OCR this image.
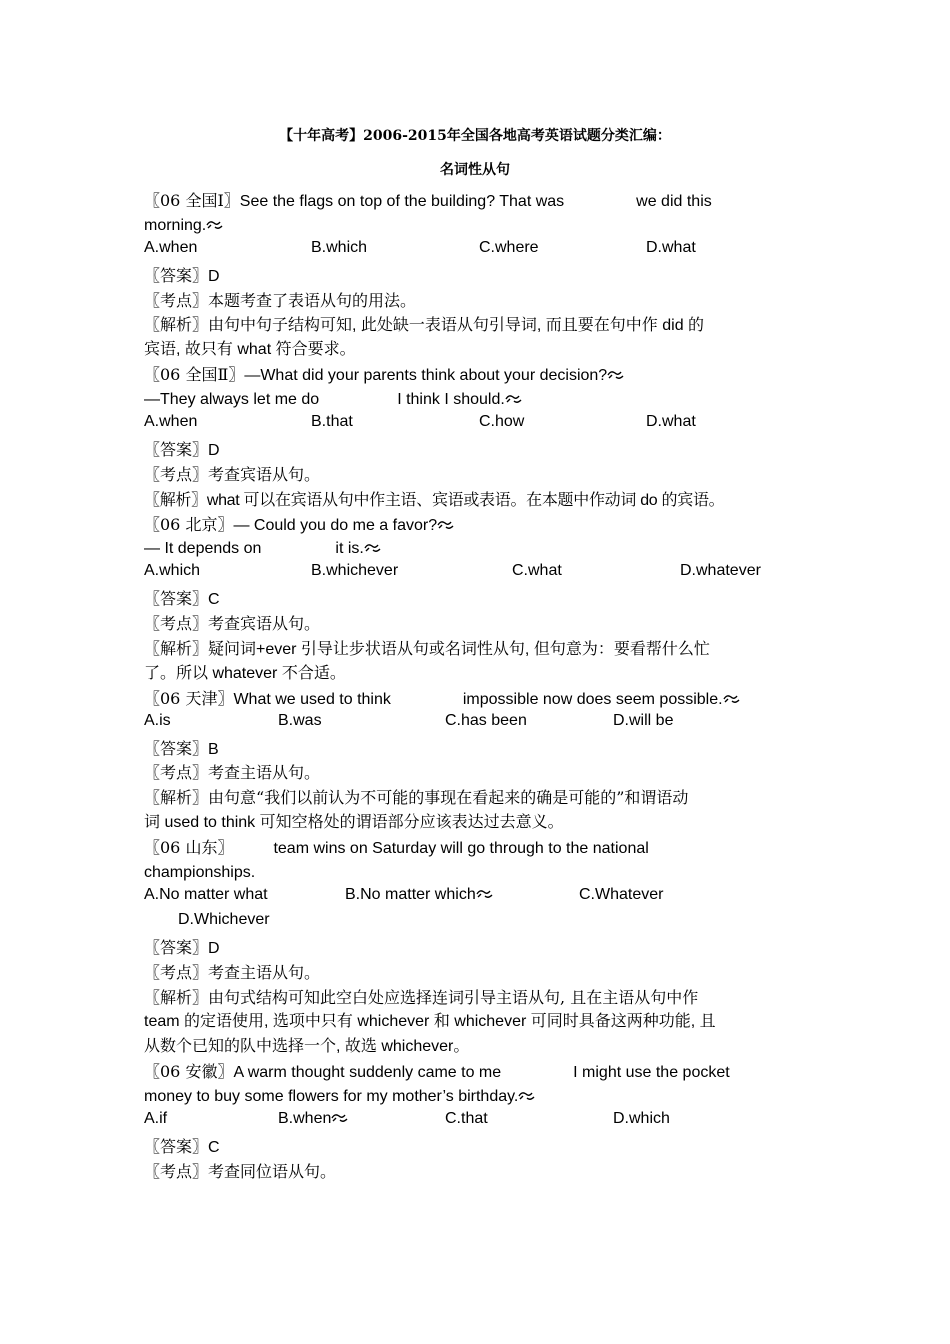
【十年高考】2006-2015年全国各地高考英语试题分类汇编：
名词性从句
〖06 全国Ⅰ〗See the flags on top of the building? That was	we did this
morning.
A.when	B.which	C.where	D.what
〖答案〗D
〖考点〗本题考查了表语从句的用法。
〖解析〗由句中句子结构可知, 此处缺一表语从句引导词, 而且要在句中作 did 的
宾语, 故只有 what 符合要求。
〖06 全国Ⅱ〗—What did your parents think about your decision?
—They always let me do	I think I should.
A.when	B.that	C.how	D.what
〖答案〗D
〖考点〗考查宾语从句。
〖解析〗what 可以在宾语从句中作主语、宾语或表语。在本题中作动词 do 的宾语。
〖06 北京〗— Could you do me a favor?
— It depends on	it is.
A.which	B.whichever	C.what	D.whatever
〖答案〗C
〖考点〗考查宾语从句。
〖解析〗疑问词+ever 引导让步状语从句或名词性从句, 但句意为：要看帮什么忙
了。所以 whatever 不合适。
〖06 天津〗What we used to think	impossible now does seem possible.
A.is	B.was	C.has been	D.will be
〖答案〗B
〖考点〗考查主语从句。
〖解析〗由句意“我们以前认为不可能的事现在看起来的确是可能的”和谓语动
词 used to think 可知空格处的谓语部分应该表达过去意义。
〖06 山东〗	team wins on Saturday will go through to the national
championships.
A.No matter what	B.No matter which	C.Whatever
D.Whichever
〖答案〗D
〖考点〗考查主语从句。
〖解析〗由句式结构可知此空白处应选择连词引导主语从句, 且在主语从句中作
team 的定语使用, 选项中只有 whichever 和 whichever 可同时具备这两种功能, 且
从数个已知的队中选择一个, 故选 whichever。
〖06 安徽〗A warm thought suddenly came to me	I might use the pocket
money to buy some flowers for my mother’s birthday.
A.if	B.when	C.that	D.which
〖答案〗C
〖考点〗考查同位语从句。
